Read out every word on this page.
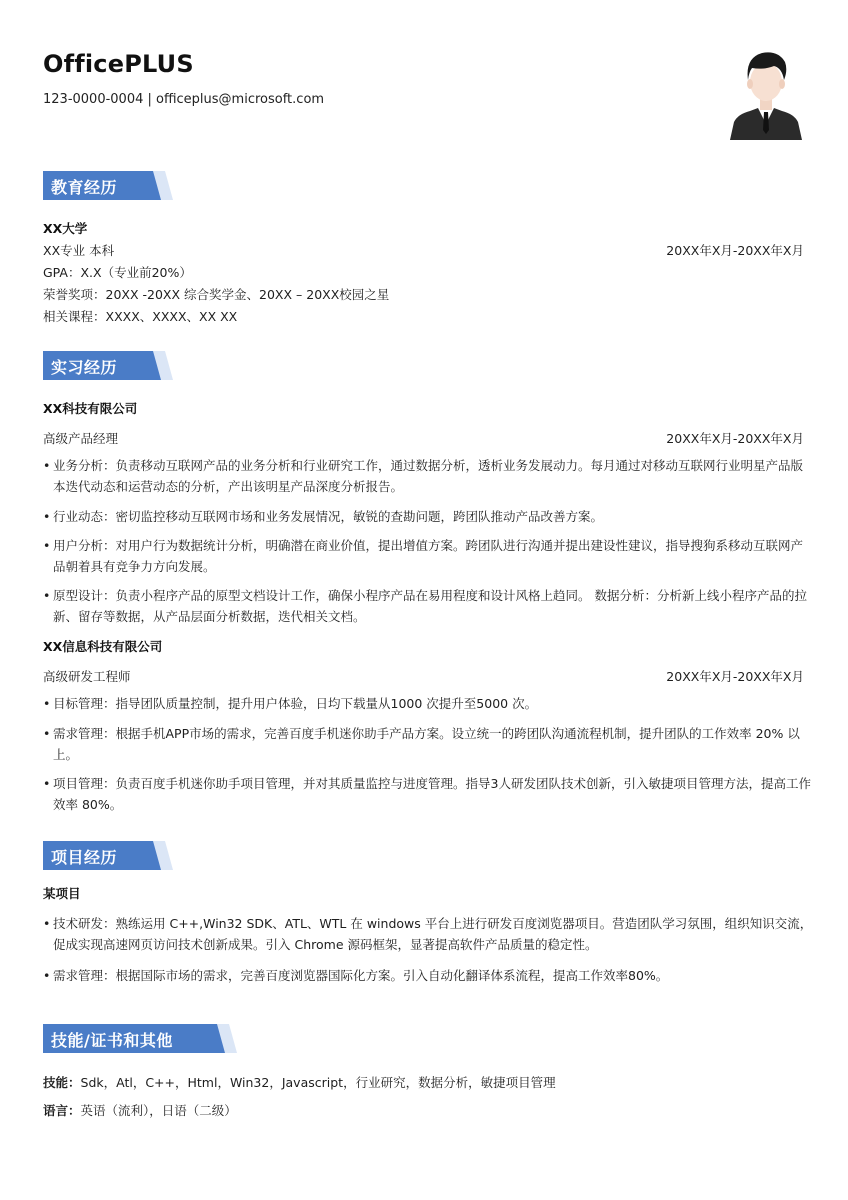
OfficePLUS
123-0000-0004 | officeplus@microsoft.com
教育经历
XX大学
XX专业 本科	20XX年X月-20XX年X月
GPA：X.X（专业前20%）
荣誉奖项：20XX -20XX 综合奖学金、20XX – 20XX校园之星
相关课程：XXXX、XXXX、XX XX
实习经历
XX科技有限公司
高级产品经理	20XX年X月-20XX年X月
• 业务分析：负责移动互联网产品的业务分析和行业研究工作，通过数据分析，透析业务发展动力。每月通过对移动互联网行业明星产品版本迭代动态和运营动态的分析，产出该明星产品深度分析报告。
• 行业动态：密切监控移动互联网市场和业务发展情况，敏锐的查勘问题，跨团队推动产品改善方案。
• 用户分析：对用户行为数据统计分析，明确潜在商业价值，提出增值方案。跨团队进行沟通并提出建设性建议，指导搜狗系移动互联网产品朝着具有竞争力方向发展。
• 原型设计：负责小程序产品的原型文档设计工作，确保小程序产品在易用程度和设计风格上趋同。 数据分析：分析新上线小程序产品的拉新、留存等数据，从产品层面分析数据，迭代相关文档。
XX信息科技有限公司
高级研发工程师	20XX年X月-20XX年X月
• 目标管理：指导团队质量控制，提升用户体验，日均下载量从1000 次提升至5000 次。
• 需求管理：根据手机APP市场的需求，完善百度手机迷你助手产品方案。设立统一的跨团队沟通流程机制，提升团队的工作效率 20% 以上。
• 项目管理：负责百度手机迷你助手项目管理，并对其质量监控与进度管理。指导3人研发团队技术创新，引入敏捷项目管理方法，提高工作效率 80%。
项目经历
某项目
• 技术研发：熟练运用 C++,Win32 SDK、ATL、WTL 在 windows 平台上进行研发百度浏览器项目。营造团队学习氛围，组织知识交流，促成实现高速网页访问技术创新成果。引入 Chrome 源码框架，显著提高软件产品质量的稳定性。
• 需求管理：根据国际市场的需求，完善百度浏览器国际化方案。引入自动化翻译体系流程，提高工作效率80%。
技能/证书和其他
技能：Sdk，Atl，C++，Html，Win32，Javascript，行业研究，数据分析，敏捷项目管理
语言：英语（流利），日语（二级）
